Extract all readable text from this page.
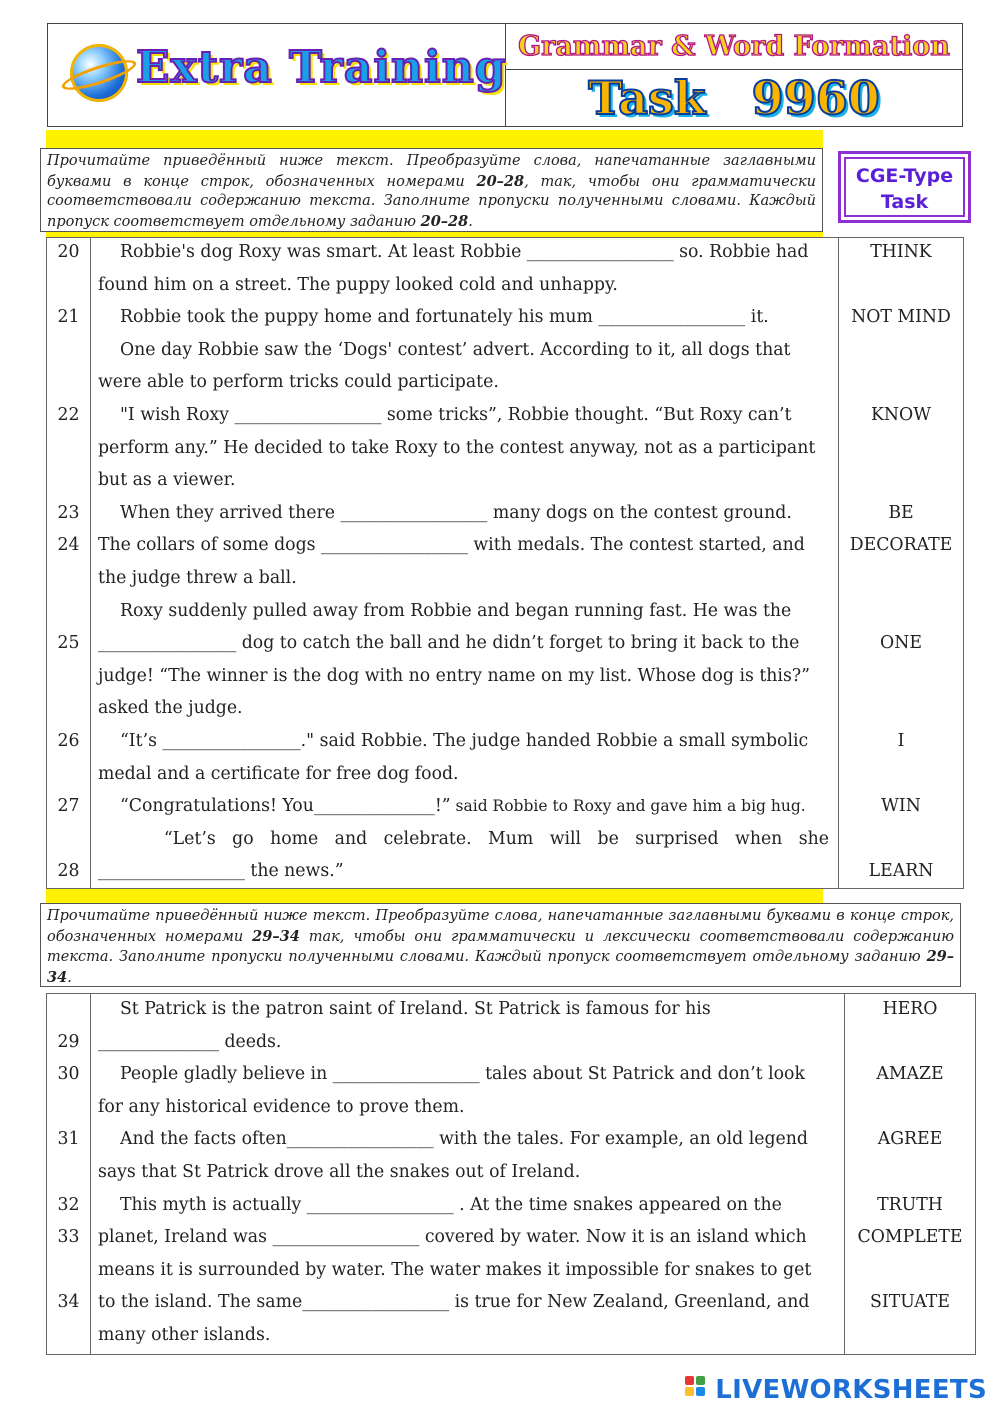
Extra Training Grammar & Word Formation
Task 9960
Прочитайте приведённый ниже текст. Преобразуйте слова, напечатанные заглавными буквами в конце строк, обозначенных номерами 20–28, так, чтобы они грамматически соответствовали содержанию текста. Заполните пропуски полученными словами. Каждый пропуск соответствует отдельному заданию 20–28.
CGE-Type
Task
20	Robbie's dog Roxy was smart. At least Robbie _________________ so. Robbie had	THINK
found him on a street. The puppy looked cold and unhappy.
21	Robbie took the puppy home and fortunately his mum _________________ it.	NOT MIND
One day Robbie saw the ‘Dogs' contest’ advert. According to it, all dogs that
were able to perform tricks could participate.
22	"I wish Roxy _________________ some tricks”, Robbie thought. “But Roxy can’t	KNOW
perform any.” He decided to take Roxy to the contest anyway, not as a participant
but as a viewer.
23	When they arrived there _________________ many dogs on the contest ground.	BE
24	The collars of some dogs _________________ with medals. The contest started, and	DECORATE
the judge threw a ball.
Roxy suddenly pulled away from Robbie and began running fast. He was the
25	________________ dog to catch the ball and he didn’t forget to bring it back to the	ONE
judge! “The winner is the dog with no entry name on my list. Whose dog is this?”
asked the judge.
26	“It’s ________________." said Robbie. The judge handed Robbie a small symbolic	I
medal and a certificate for free dog food.
27	“Congratulations! You______________!” said Robbie to Roxy and gave him a big hug.	WIN
“Let’s go home and celebrate. Mum will be surprised when she
28	_________________ the news.”	LEARN
Прочитайте приведённый ниже текст. Преобразуйте слова, напечатанные заглавными буквами в конце строк, обозначенных номерами 29–34 так, чтобы они грамматически и лексически соответствовали содержанию текста. Заполните пропуски полученными словами. Каждый пропуск соответствует отдельному заданию 29–34.
St Patrick is the patron saint of Ireland. St Patrick is famous for his	HERO
29	______________ deeds.
30	People gladly believe in _________________ tales about St Patrick and don’t look	AMAZE
for any historical evidence to prove them.
31	And the facts often_________________ with the tales. For example, an old legend	AGREE
says that St Patrick drove all the snakes out of Ireland.
32	This myth is actually _________________ . At the time snakes appeared on the	TRUTH
33	planet, Ireland was _________________ covered by water. Now it is an island which	COMPLETE
means it is surrounded by water. The water makes it impossible for snakes to get
34	to the island. The same_________________ is true for New Zealand, Greenland, and	SITUATE
many other islands.
LIVEWORKSHEETS
